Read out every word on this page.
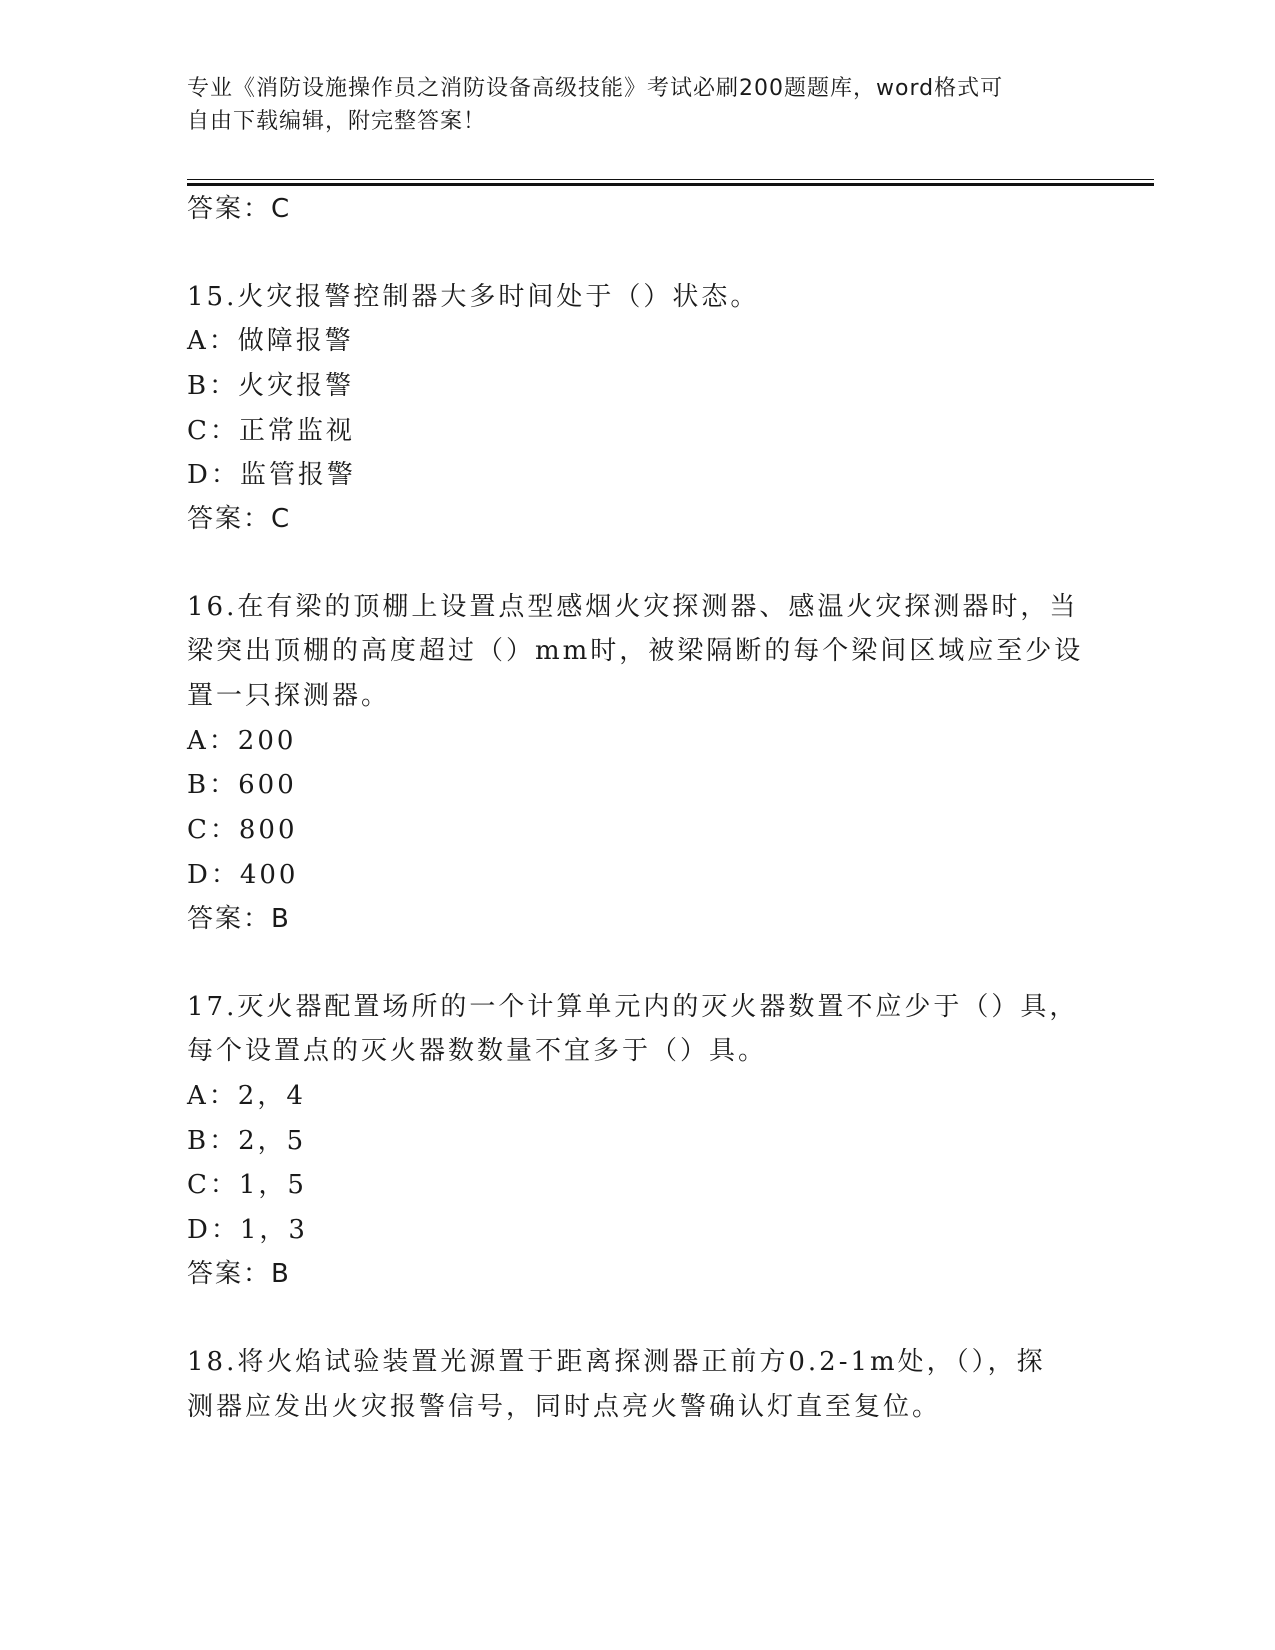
专业《消防设施操作员之消防设备高级技能》考试必刷200题题库，word格式可
自由下载编辑，附完整答案！
答案：C
15.火灾报警控制器大多时间处于（）状态。
A：做障报警
B：火灾报警
C：正常监视
D：监管报警
答案：C
16.在有梁的顶棚上设置点型感烟火灾探测器、感温火灾探测器时，当
梁突出顶棚的高度超过（）mm时，被梁隔断的每个梁间区域应至少设
置一只探测器。
A：200
B：600
C：800
D：400
答案：B
17.灭火器配置场所的一个计算单元内的灭火器数置不应少于（）具，
每个设置点的灭火器数数量不宜多于（）具。
A：2，4
B：2，5
C：1，5
D：1，3
答案：B
18.将火焰试验装置光源置于距离探测器正前方0.2-1m处，（），探
测器应发出火灾报警信号，同时点亮火警确认灯直至复位。
